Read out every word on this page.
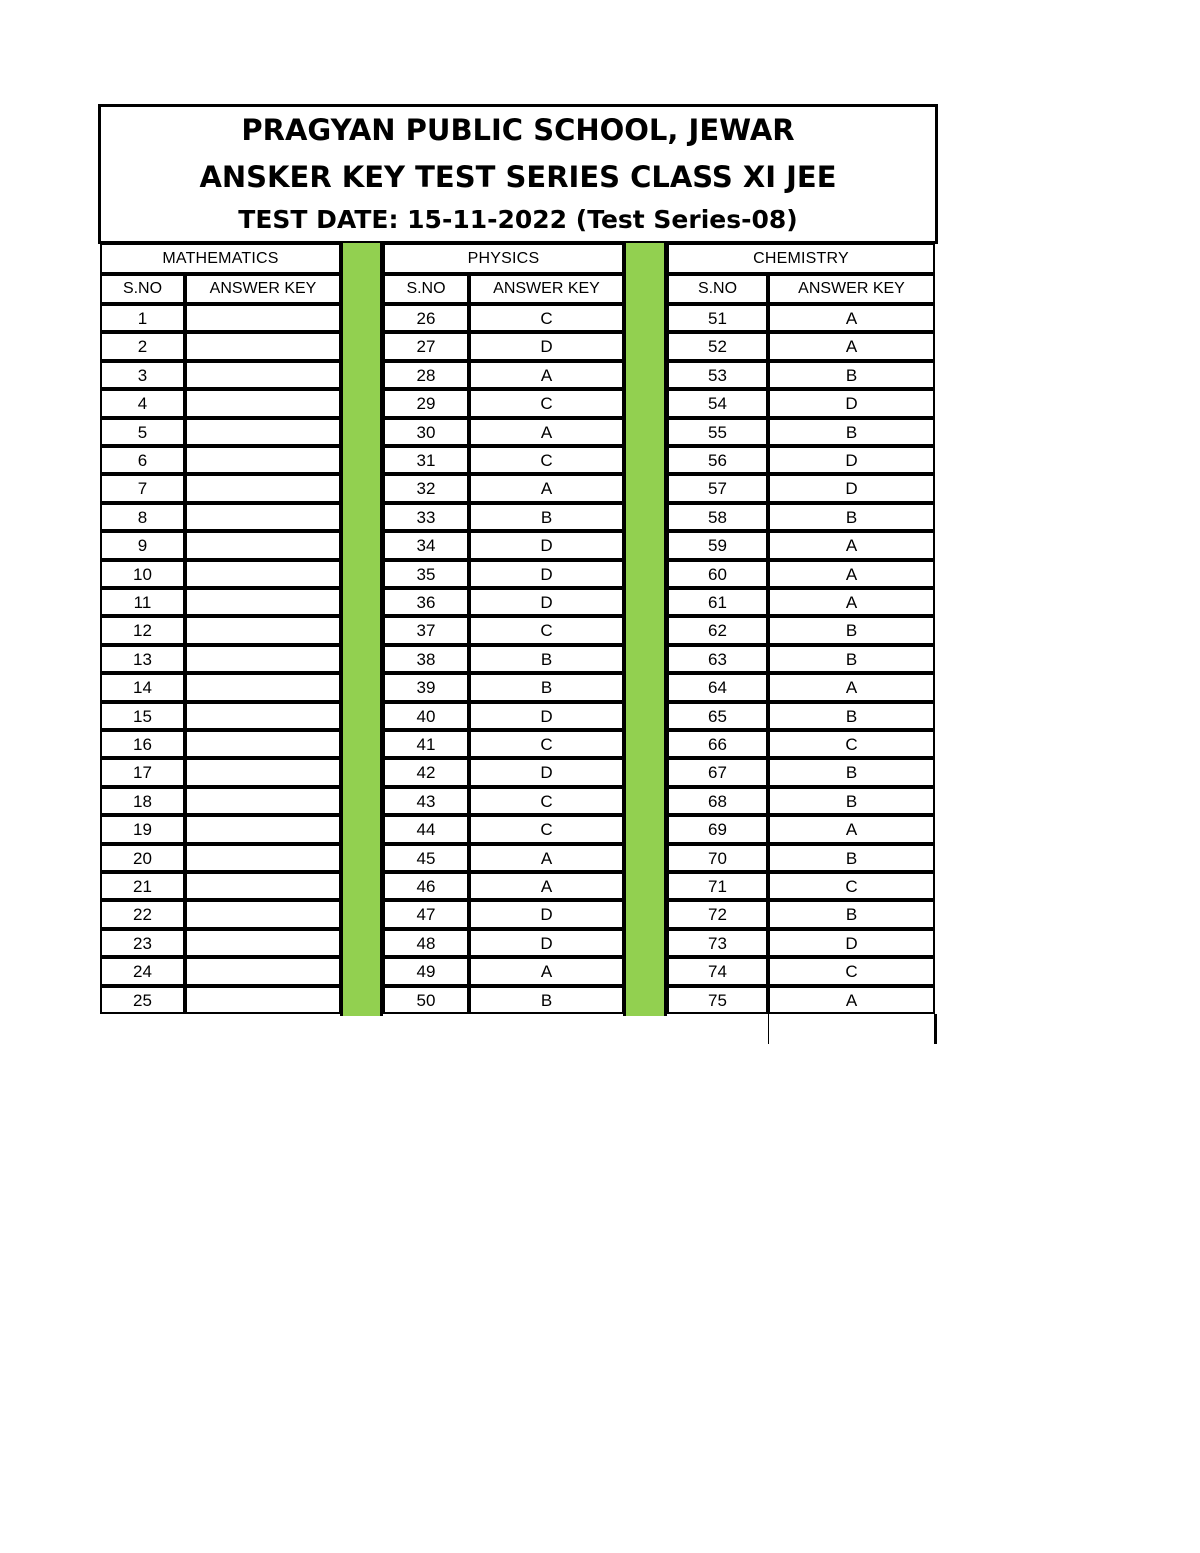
PRAGYAN PUBLIC SCHOOL, JEWAR
ANSKER KEY TEST SERIES CLASS XI JEE
TEST DATE: 15-11-2022 (Test Series-08)
MATHEMATICS
S.NO	ANSWER KEY
1
2
3
4
5
6
7
8
9
10
11
12
13
14
15
16
17
18
19
20
21
22
23
24
25
PHYSICS
S.NO	ANSWER KEY
26	C
27	D
28	A
29	C
30	A
31	C
32	A
33	B
34	D
35	D
36	D
37	C
38	B
39	B
40	D
41	C
42	D
43	C
44	C
45	A
46	A
47	D
48	D
49	A
50	B
CHEMISTRY
S.NO	ANSWER KEY
51	A
52	A
53	B
54	D
55	B
56	D
57	D
58	B
59	A
60	A
61	A
62	B
63	B
64	A
65	B
66	C
67	B
68	B
69	A
70	B
71	C
72	B
73	D
74	C
75	A
